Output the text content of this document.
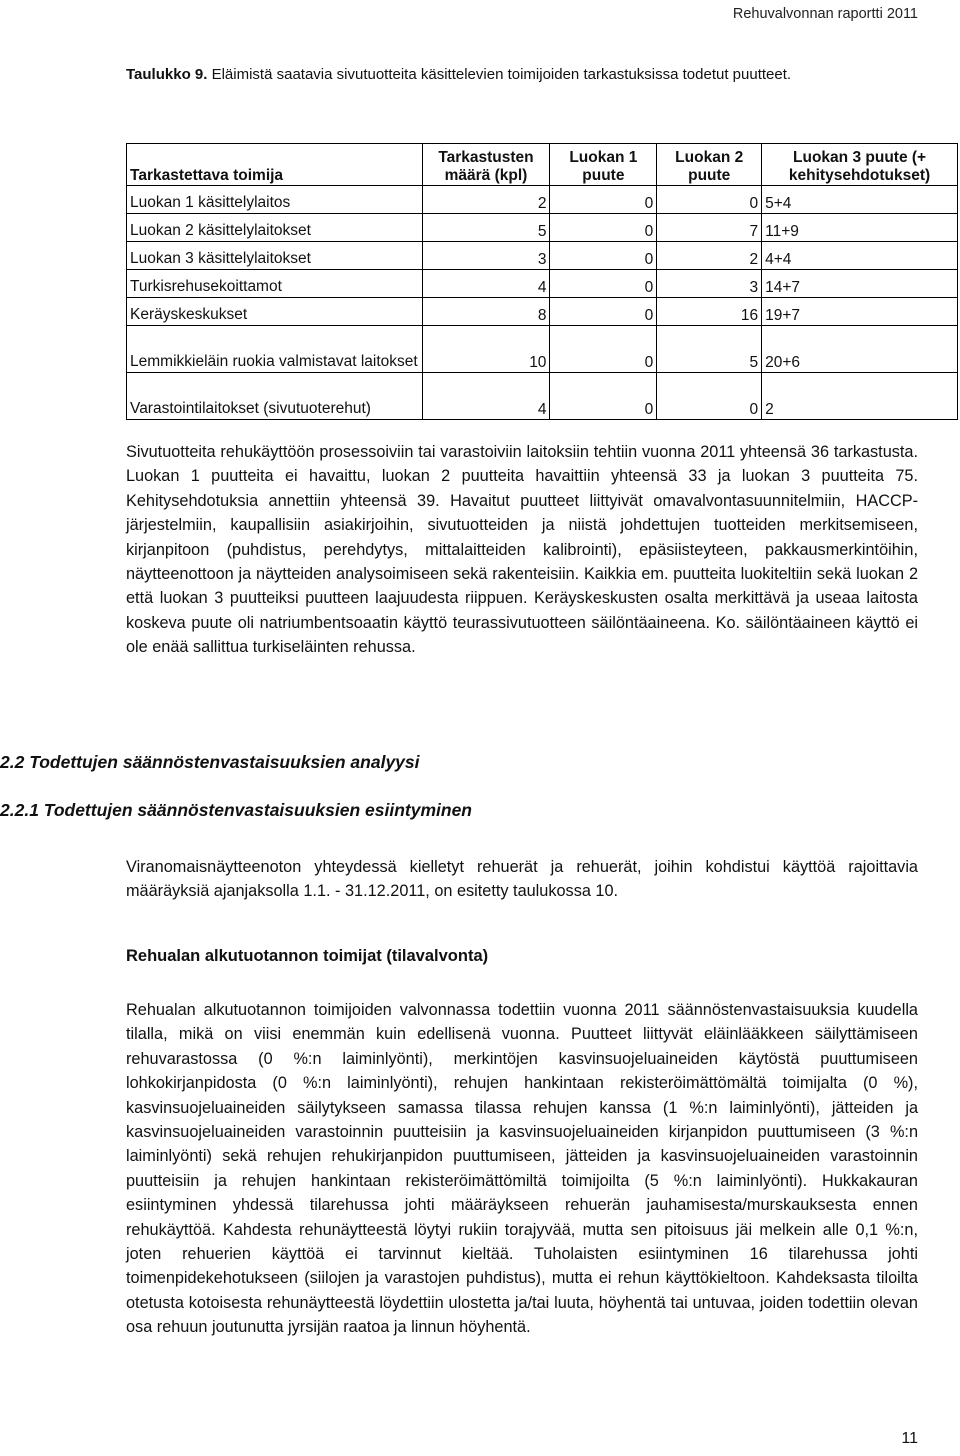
Rehuvalvonnan raportti 2011
Taulukko 9. Eläimistä saatavia sivutuotteita käsittelevien toimijoiden tarkastuksissa todetut puutteet.
Tarkastettava toimija	Tarkastusten määrä (kpl)	Luokan 1 puute	Luokan 2 puute	Luokan 3 puute (+ kehitysehdotukset)
Luokan 1 käsittelylaitos	2	0	0	5+4
Luokan 2 käsittelylaitokset	5	0	7	11+9
Luokan 3 käsittelylaitokset	3	0	2	4+4
Turkisrehusekoittamot	4	0	3	14+7
Keräyskeskukset	8	0	16	19+7
Lemmikkieläin ruokia valmistavat laitokset	10	0	5	20+6
Varastointilaitokset (sivutuoterehut)	4	0	0	2

Sivutuotteita rehukäyttöön prosessoiviin tai varastoiviin laitoksiin tehtiin vuonna 2011 yhteensä 36 tarkastusta. Luokan 1 puutteita ei havaittu, luokan 2 puutteita havaittiin yhteensä 33 ja luokan 3 puutteita 75. Kehitysehdotuksia annettiin yhteensä 39. Havaitut puutteet liittyivät omavalvontasuunnitelmiin, HACCP-järjestelmiin, kaupallisiin asiakirjoihin, sivutuotteiden ja niistä johdettujen tuotteiden merkitsemiseen, kirjanpitoon (puhdistus, perehdytys, mittalaitteiden kalibrointi), epäsiisteyteen, pakkausmerkintöihin, näytteenottoon ja näytteiden analysoimiseen sekä rakenteisiin. Kaikkia em. puutteita luokiteltiin sekä luokan 2 että luokan 3 puutteiksi puutteen laajuudesta riippuen. Keräyskeskusten osalta merkittävä ja useaa laitosta koskeva puute oli natriumbentsoaatin käyttö teurassivutuotteen säilöntäaineena. Ko. säilöntäaineen käyttö ei ole enää sallittua turkiseläinten rehussa.

2.2 Todettujen säännöstenvastaisuuksien analyysi
2.2.1 Todettujen säännöstenvastaisuuksien esiintyminen

Viranomaisnäytteenoton yhteydessä kielletyt rehuerät ja rehuerät, joihin kohdistui käyttöä rajoittavia määräyksiä ajanjaksolla 1.1. - 31.12.2011, on esitetty taulukossa 10.

Rehualan alkutuotannon toimijat (tilavalvonta)

Rehualan alkutuotannon toimijoiden valvonnassa todettiin vuonna 2011 säännöstenvastaisuuksia kuudella tilalla, mikä on viisi enemmän kuin edellisenä vuonna. Puutteet liittyvät eläinlääkkeen säilyttämiseen rehuvarastossa (0 %:n laiminlyönti), merkintöjen kasvinsuojeluaineiden käytöstä puuttumiseen lohkokirjanpidosta (0 %:n laiminlyönti), rehujen hankintaan rekisteröimättömältä toimijalta (0 %), kasvinsuojeluaineiden säilytykseen samassa tilassa rehujen kanssa (1 %:n laiminlyönti), jätteiden ja kasvinsuojeluaineiden varastoinnin puutteisiin ja kasvinsuojeluaineiden kirjanpidon puuttumiseen (3 %:n laiminlyönti) sekä rehujen rehukirjanpidon puuttumiseen, jätteiden ja kasvinsuojeluaineiden varastoinnin puutteisiin ja rehujen hankintaan rekisteröimättömiltä toimijoilta (5 %:n laiminlyönti). Hukkakauran esiintyminen yhdessä tilarehussa johti määräykseen rehuerän jauhamisesta/murskauksesta ennen rehukäyttöä. Kahdesta rehunäytteestä löytyi rukiin torajyvää, mutta sen pitoisuus jäi melkein alle 0,1 %:n, joten rehuerien käyttöä ei tarvinnut kieltää. Tuholaisten esiintyminen 16 tilarehussa johti toimenpidekehotukseen (siilojen ja varastojen puhdistus), mutta ei rehun käyttökieltoon. Kahdeksasta tiloilta otetusta kotoisesta rehunäytteestä löydettiin ulostetta ja/tai luuta, höyhentä tai untuvaa, joiden todettiin olevan osa rehuun joutunutta jyrsijän raatoa ja linnun höyhentä.

11
